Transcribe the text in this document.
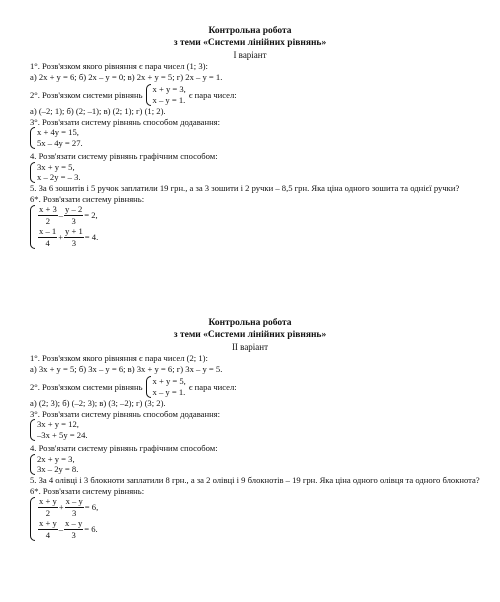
Контрольна робота
з теми «Системи лінійних рівнянь»
І варіант
1°. Розв'язком якого рівняння є пара чисел (1; 3):
а) 2x + y = 6; б) 2x – y = 0; в) 2x + y = 5; г) 2x – y = 1.
2°. Розв'язком системи рівнянь
x + y = 3,
x – y = 1.
є пара чисел:
а) (–2; 1); б) (2; –1); в) (2; 1); г) (1; 2).
3°. Розв'язати систему рівнянь способом додавання:
x + 4y = 15,
5x – 4y = 27.
4. Розв'язати систему рівнянь графічним способом:
3x + y = 5,
x – 2y = – 3.
5. За 6 зошитів і 5 ручок заплатили 19 грн., а за 3 зошити і 2 ручки – 8,5 грн. Яка ціна одного зошита та однієї ручки?
6*. Розв'язати систему рівнянь:
$\frac{x + 3}{2} - \frac{y - 2}{3} = 2$,
$\frac{x - 1}{4} + \frac{y + 1}{3} = 4$.
Контрольна робота
з теми «Системи лінійних рівнянь»
ІІ варіант
1°. Розв'язком якого рівняння є пара чисел (2; 1):
а) 3x + y = 5; б) 3x – y = 6; в) 3x + y = 6; г) 3x – y = 5.
2°. Розв'язком системи рівнянь
x + y = 5,
x – y = 1.
є пара чисел:
а) (2; 3); б) (–2; 3); в) (3; –2); г) (3; 2).
3°. Розв'язати систему рівнянь способом додавання:
3x + y = 12,
–3x + 5y = 24.
4. Розв'язати систему рівнянь графічним способом:
2x + y = 3,
3x – 2y = 8.
5. За 4 олівці і 3 блокноти заплатили 8 грн., а за 2 олівці і 9 блокнотів – 19 грн. Яка ціна одного олівця та одного блокнота?
6*. Розв'язати систему рівнянь:
$\frac{x + y}{2} + \frac{x - y}{3} = 6$,
$\frac{x + y}{4} - \frac{x - y}{3} = 6$.
